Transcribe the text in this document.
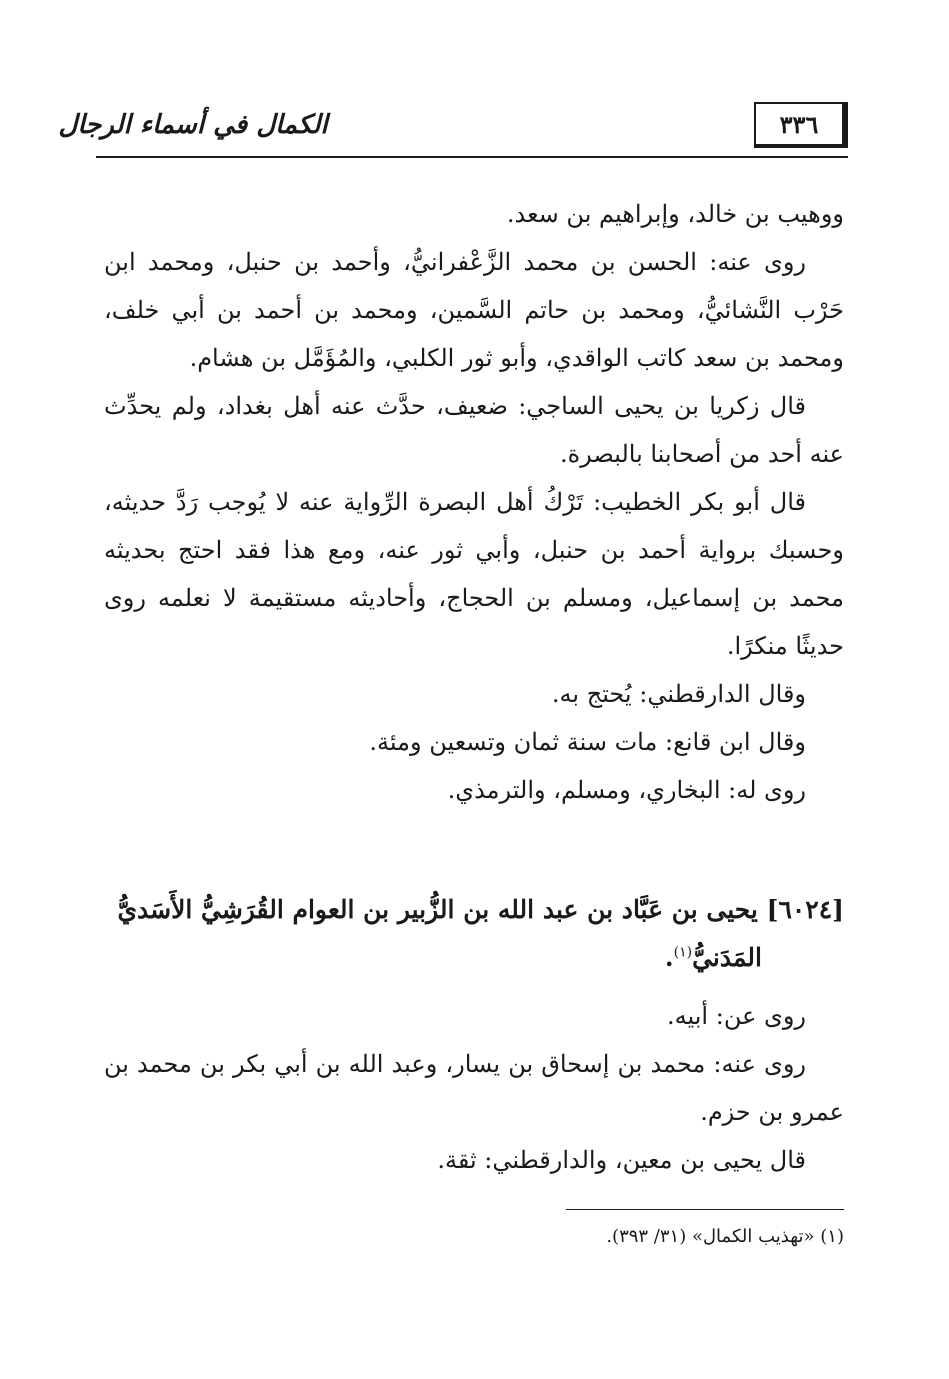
٣٣٦
الكمال في أسماء الرجال

ووهيب بن خالد، وإبراهيم بن سعد.

روى عنه: الحسن بن محمد الزَّعْفرانيُّ، وأحمد بن حنبل، ومحمد ابن حَرْب النَّشائيُّ، ومحمد بن حاتم السَّمين، ومحمد بن أحمد بن أبي خلف، ومحمد بن سعد كاتب الواقدي، وأبو ثور الكلبي، والمُؤَمَّل بن هشام.

قال زكريا بن يحيى الساجي: ضعيف، حدَّث عنه أهل بغداد، ولم يحدِّث عنه أحد من أصحابنا بالبصرة.

قال أبو بكر الخطيب: تَرْكُ أهل البصرة الرِّواية عنه لا يُوجب رَدَّ حديثه، وحسبك برواية أحمد بن حنبل، وأبي ثور عنه، ومع هذا فقد احتج بحديثه محمد بن إسماعيل، ومسلم بن الحجاج، وأحاديثه مستقيمة لا نعلمه روى حديثًا منكرًا.

وقال الدارقطني: يُحتج به.

وقال ابن قانع: مات سنة ثمان وتسعين ومئة.

روى له: البخاري، ومسلم، والترمذي.

[٦٠٢٤] يحيى بن عَبَّاد بن عبد الله بن الزُّبير بن العوام القُرَشِيُّ الأَسَديُّ
المَدَنيُّ$^{(١)}$.

روى عن: أبيه.

روى عنه: محمد بن إسحاق بن يسار، وعبد الله بن أبي بكر بن محمد بن عمرو بن حزم.

قال يحيى بن معين، والدارقطني: ثقة.

(١) «تهذيب الكمال» (٣١/ ٣٩٣).
